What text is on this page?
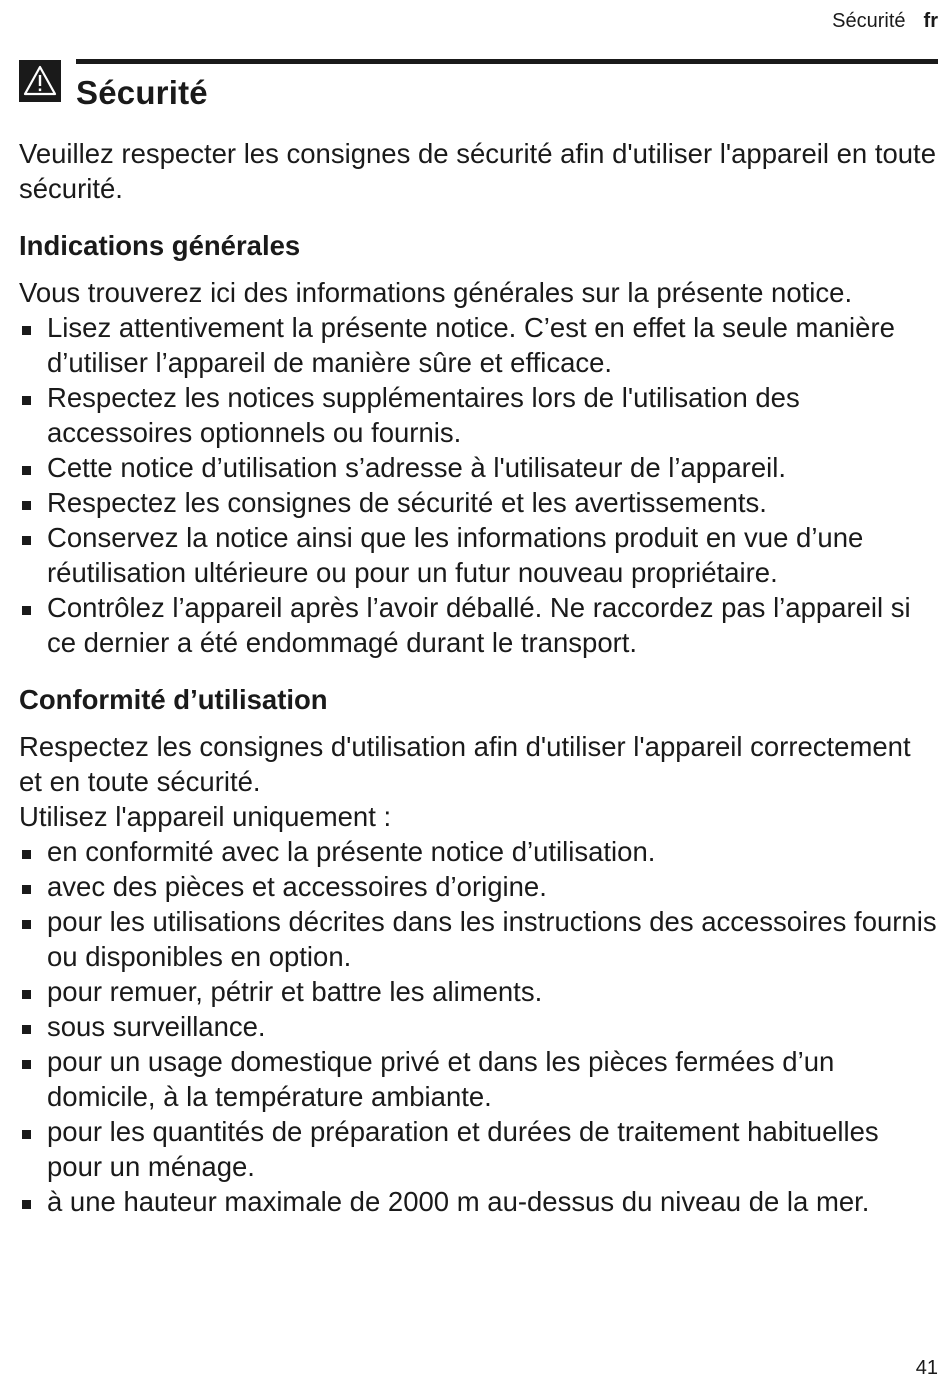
Sécurité fr
Sécurité

Veuillez respecter les consignes de sécurité afin d'utiliser l'appareil en toute sécurité.

Indications générales

Vous trouverez ici des informations générales sur la présente notice.

Lisez attentivement la présente notice. C’est en effet la seule manière d’utiliser l’appareil de manière sûre et efficace.
Respectez les notices supplémentaires lors de l'utilisation des accessoires optionnels ou fournis.
Cette notice d’utilisation s’adresse à l'utilisateur de l’appareil.
Respectez les consignes de sécurité et les avertissements.
Conservez la notice ainsi que les informations produit en vue d’une réutilisation ultérieure ou pour un futur nouveau propriétaire.
Contrôlez l’appareil après l’avoir déballé. Ne raccordez pas l’appareil si ce dernier a été endommagé durant le transport.
Conformité d’utilisation

Respectez les consignes d'utilisation afin d'utiliser l'appareil correctement et en toute sécurité.

Utilisez l'appareil uniquement :

en conformité avec la présente notice d’utilisation.
avec des pièces et accessoires d’origine.
pour les utilisations décrites dans les instructions des accessoires fournis ou disponibles en option.
pour remuer, pétrir et battre les aliments.
sous surveillance.
pour un usage domestique privé et dans les pièces fermées d’un domicile, à la température ambiante.
pour les quantités de préparation et durées de traitement habituelles pour un ménage.
à une hauteur maximale de 2000 m au-dessus du niveau de la mer.
41
